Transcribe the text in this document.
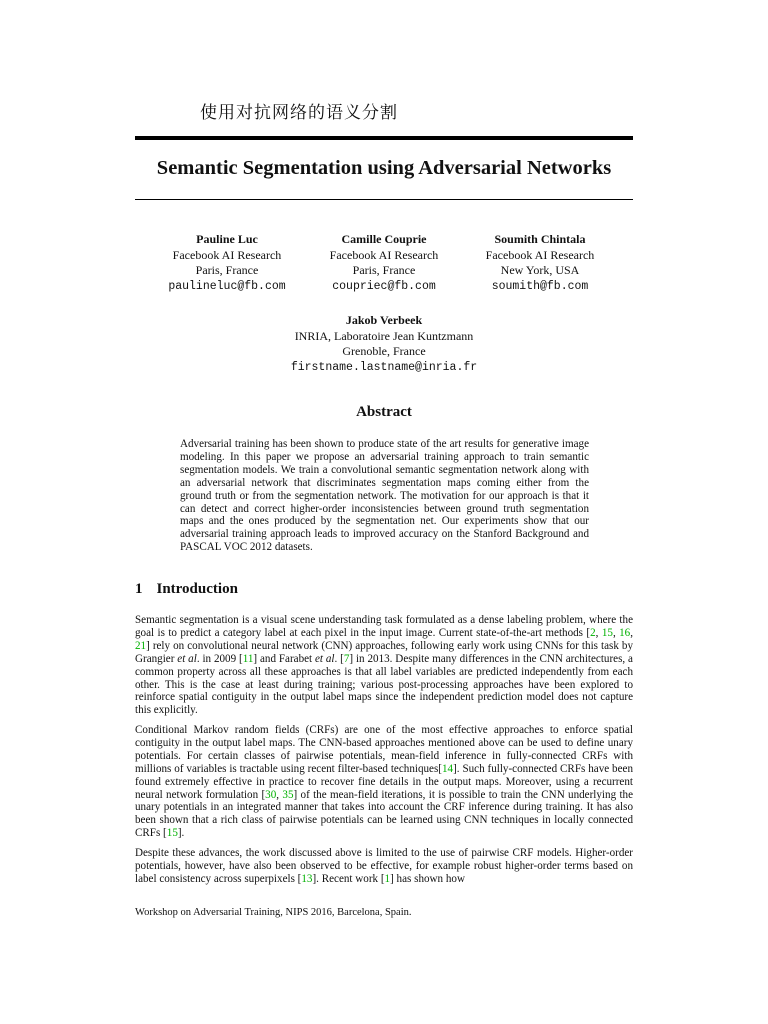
使用对抗网络的语义分割
Semantic Segmentation using Adversarial Networks
Pauline Luc
Facebook AI Research
Paris, France
paulineluc@fb.com
Camille Couprie
Facebook AI Research
Paris, France
coupriec@fb.com
Soumith Chintala
Facebook AI Research
New York, USA
soumith@fb.com
Jakob Verbeek
INRIA, Laboratoire Jean Kuntzmann
Grenoble, France
firstname.lastname@inria.fr
Abstract
Adversarial training has been shown to produce state of the art results for generative image modeling. In this paper we propose an adversarial training approach to train semantic segmentation models. We train a convolutional semantic segmentation network along with an adversarial network that discriminates segmentation maps coming either from the ground truth or from the segmentation network. The motivation for our approach is that it can detect and correct higher-order inconsistencies between ground truth segmentation maps and the ones produced by the segmentation net. Our experiments show that our adversarial training approach leads to improved accuracy on the Stanford Background and PASCAL VOC 2012 datasets.
1 Introduction
Semantic segmentation is a visual scene understanding task formulated as a dense labeling problem, where the goal is to predict a category label at each pixel in the input image. Current state-of-the-art methods [2, 15, 16, 21] rely on convolutional neural network (CNN) approaches, following early work using CNNs for this task by Grangier et al. in 2009 [11] and Farabet et al. [7] in 2013. Despite many differences in the CNN architectures, a common property across all these approaches is that all label variables are predicted independently from each other. This is the case at least during training; various post-processing approaches have been explored to reinforce spatial contiguity in the output label maps since the independent prediction model does not capture this explicitly.
Conditional Markov random fields (CRFs) are one of the most effective approaches to enforce spatial contiguity in the output label maps. The CNN-based approaches mentioned above can be used to define unary potentials. For certain classes of pairwise potentials, mean-field inference in fully-connected CRFs with millions of variables is tractable using recent filter-based techniques[14]. Such fully-connected CRFs have been found extremely effective in practice to recover fine details in the output maps. Moreover, using a recurrent neural network formulation [30, 35] of the mean-field iterations, it is possible to train the CNN underlying the unary potentials in an integrated manner that takes into account the CRF inference during training. It has also been shown that a rich class of pairwise potentials can be learned using CNN techniques in locally connected CRFs [15].
Despite these advances, the work discussed above is limited to the use of pairwise CRF models. Higher-order potentials, however, have also been observed to be effective, for example robust higher-order terms based on label consistency across superpixels [13]. Recent work [1] has shown how
Workshop on Adversarial Training, NIPS 2016, Barcelona, Spain.
